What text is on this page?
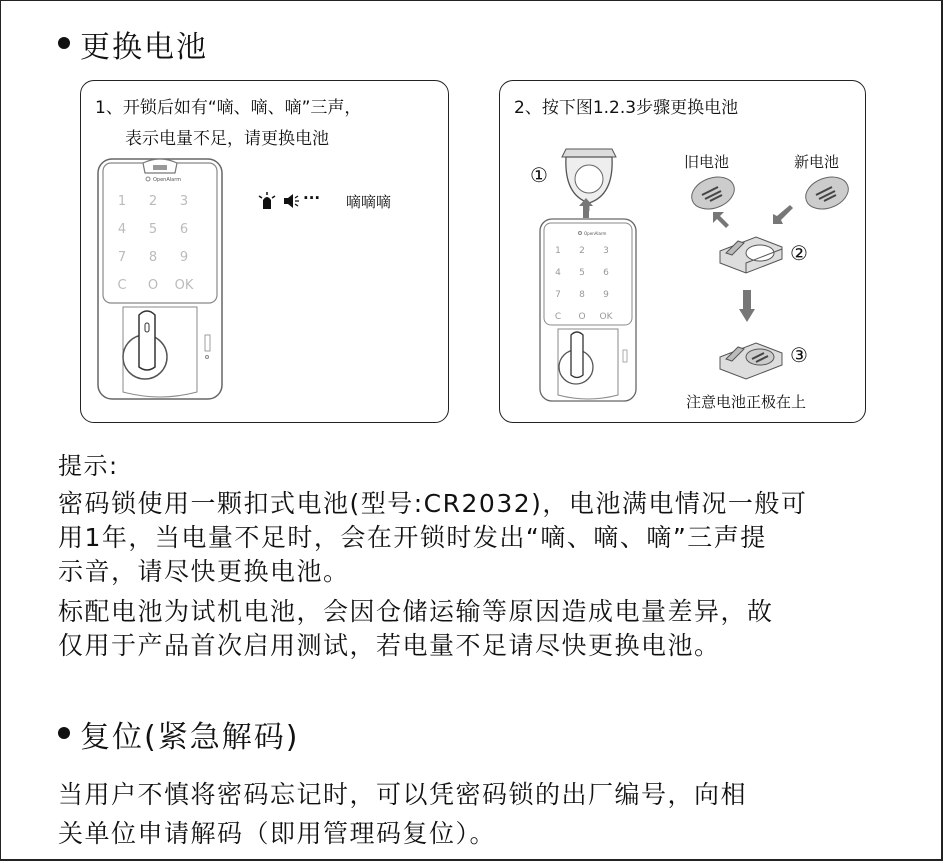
更换电池
1、开锁后如有“嘀、嘀、嘀”三声，
表示电量不足，请更换电池
OpenAlarm
1 2 3
4 5 6
7 8 9
C O OK
··· 嘀嘀嘀
2、按下图1.2.3步骤更换电池
①
OpenAlarm
1 2 3
4 5 6
7 8 9
C O OK
旧电池	新电池
②
③
注意电池正极在上
提示:
密码锁使用一颗扣式电池(型号:CR2032)，电池满电情况一般可
用1年，当电量不足时，会在开锁时发出“嘀、嘀、嘀”三声提
示音，请尽快更换电池。
标配电池为试机电池，会因仓储运输等原因造成电量差异，故
仅用于产品首次启用测试，若电量不足请尽快更换电池。
复位(紧急解码)
当用户不慎将密码忘记时，可以凭密码锁的出厂编号，向相
关单位申请解码（即用管理码复位）。
